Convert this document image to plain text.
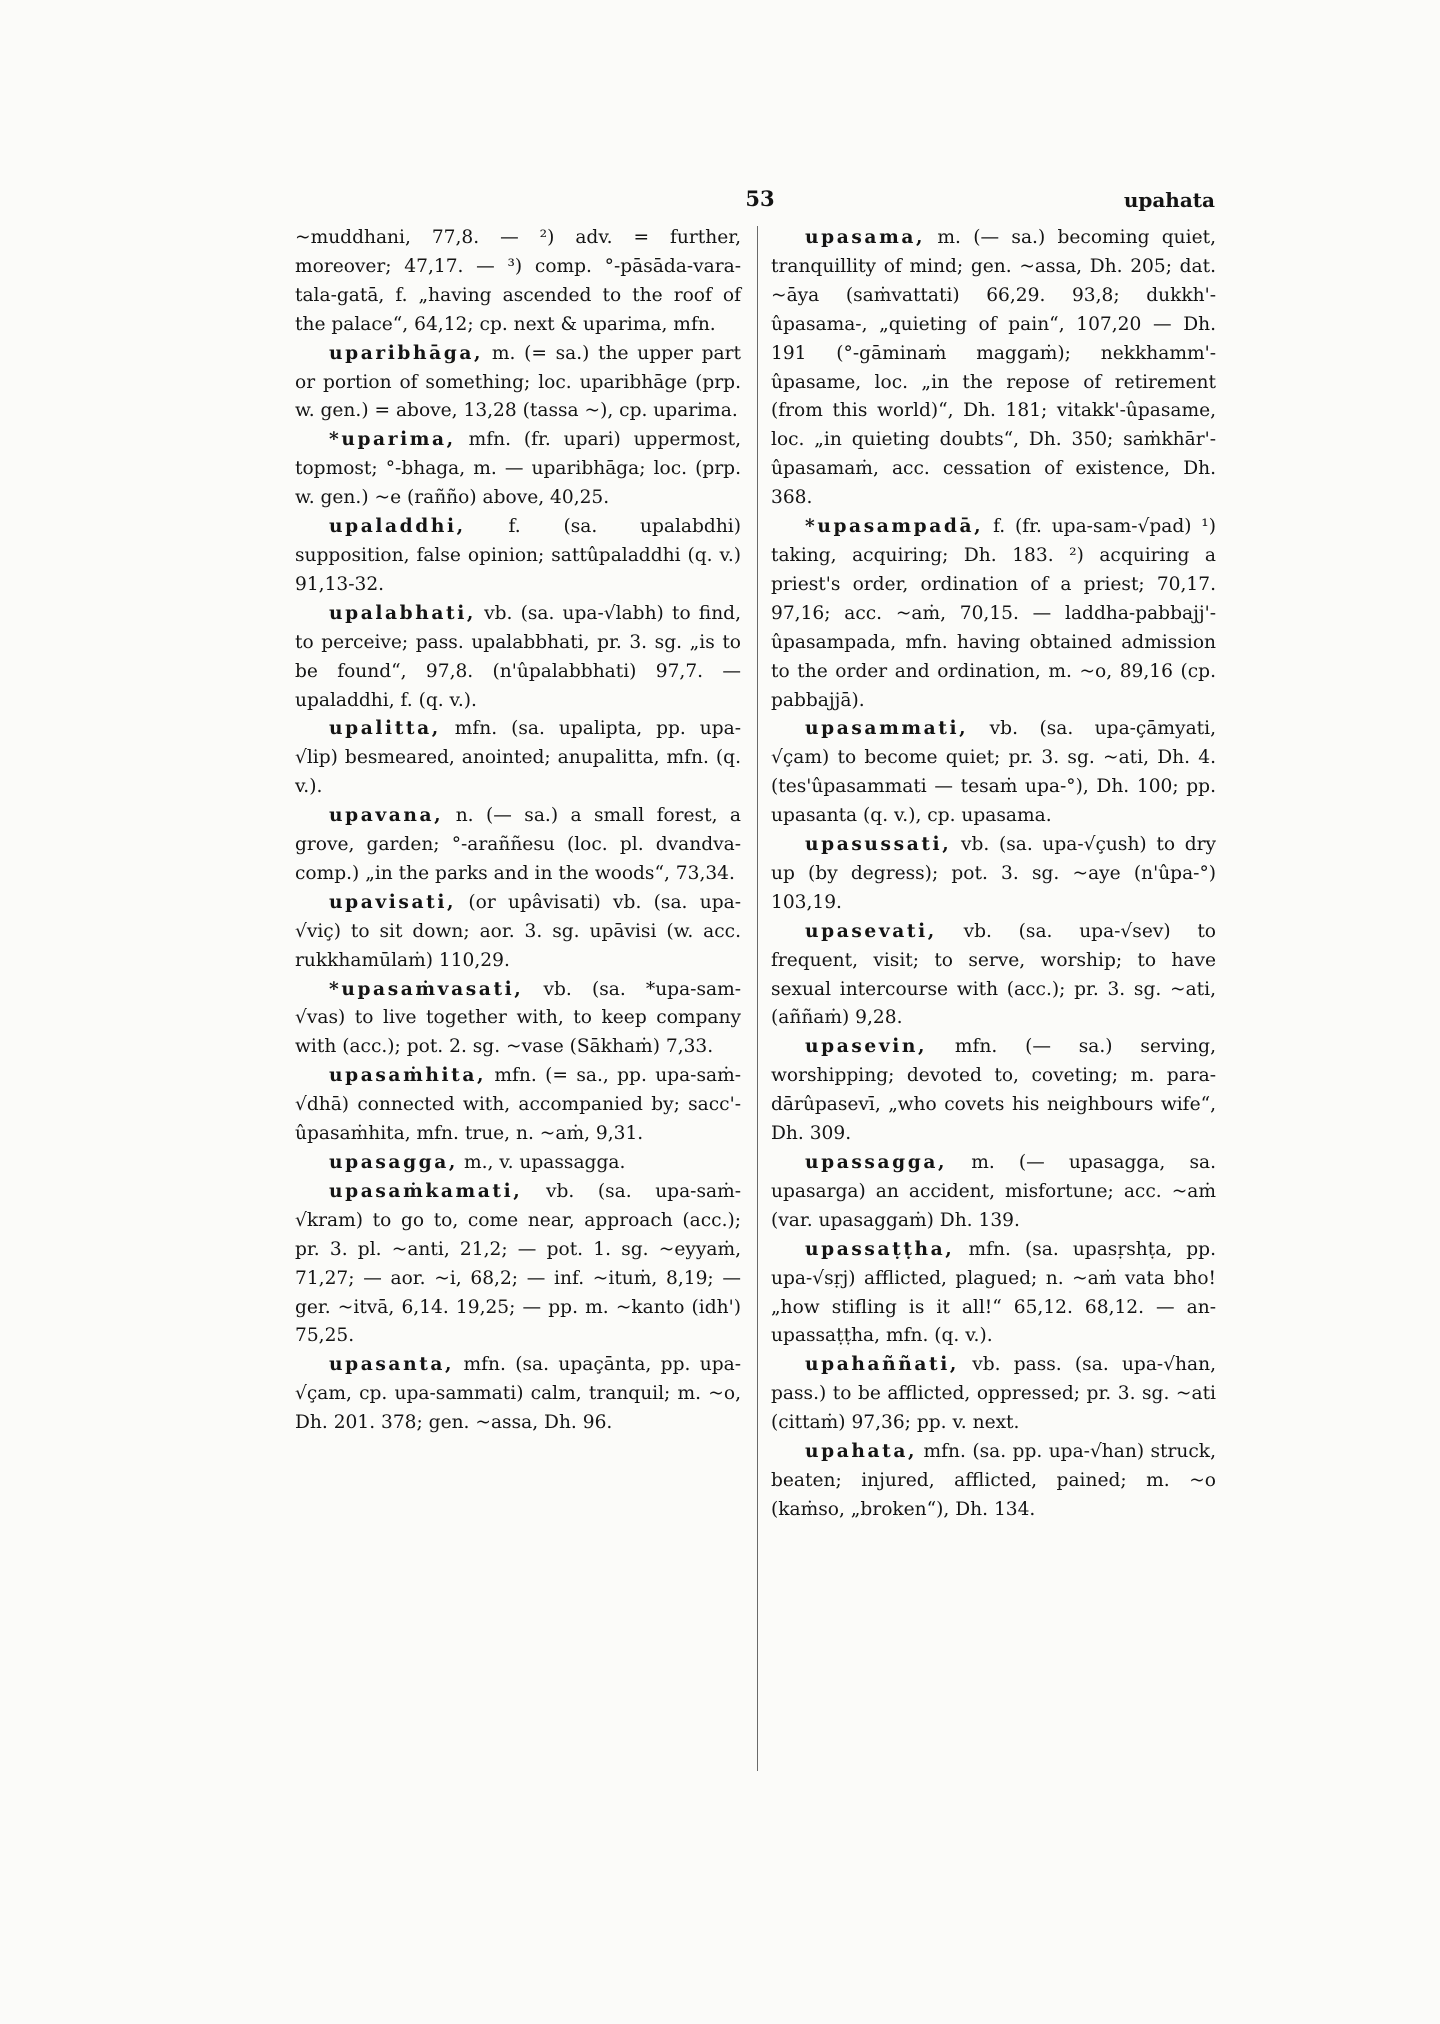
53	upahata
~muddhani, 77,8. — ²) adv. = further, moreover; 47,17. — ³) comp. °-pāsāda-vara-tala-gatā, f. „having ascended to the roof of the palace“, 64,12; cp. next & uparima, mfn.
uparibhāga, m. (= sa.) the upper part or portion of something; loc. uparibhāge (prp. w. gen.) = above, 13,28 (tassa ~), cp. uparima.
*uparima, mfn. (fr. upari) uppermost, topmost; °-bhaga, m. — uparibhāga; loc. (prp. w. gen.) ~e (rañño) above, 40,25.
upaladdhi, f. (sa. upalabdhi) supposition, false opinion; sattûpaladdhi (q. v.) 91,13-32.
upalabhati, vb. (sa. upa-√labh) to find, to perceive; pass. upalabbhati, pr. 3. sg. „is to be found“, 97,8. (n'ûpalabbhati) 97,7. — upaladdhi, f. (q. v.).
upalitta, mfn. (sa. upalipta, pp. upa-√lip) besmeared, anointed; anupalitta, mfn. (q. v.).
upavana, n. (— sa.) a small forest, a grove, garden; °-araññesu (loc. pl. dvandva-comp.) „in the parks and in the woods“, 73,34.
upavisati, (or upâvisati) vb. (sa. upa-√viç) to sit down; aor. 3. sg. upāvisi (w. acc. rukkhamūlaṁ) 110,29.
*upasaṁvasati, vb. (sa. *upa-sam-√vas) to live together with, to keep company with (acc.); pot. 2. sg. ~vase (Sākhaṁ) 7,33.
upasaṁhita, mfn. (= sa., pp. upa-saṁ-√dhā) connected with, accompanied by; sacc'-ûpasaṁhita, mfn. true, n. ~aṁ, 9,31.
upasagga, m., v. upassagga.
upasaṁkamati, vb. (sa. upa-saṁ-√kram) to go to, come near, approach (acc.); pr. 3. pl. ~anti, 21,2; — pot. 1. sg. ~eyyaṁ, 71,27; — aor. ~i, 68,2; — inf. ~ituṁ, 8,19; — ger. ~itvā, 6,14. 19,25; — pp. m. ~kanto (idh') 75,25.
upasanta, mfn. (sa. upaçānta, pp. upa-√çam, cp. upa-sammati) calm, tranquil; m. ~o, Dh. 201. 378; gen. ~assa, Dh. 96.
upasama, m. (— sa.) becoming quiet, tranquillity of mind; gen. ~assa, Dh. 205; dat. ~āya (saṁvattati) 66,29. 93,8; dukkh'-ûpasama-, „quieting of pain“, 107,20 — Dh. 191 (°-gāminaṁ maggaṁ); nekkhamm'-ûpasame, loc. „in the repose of retirement (from this world)“, Dh. 181; vitakk'-ûpasame, loc. „in quieting doubts“, Dh. 350; saṁkhār'-ûpasamaṁ, acc. cessation of existence, Dh. 368.
*upasampadā, f. (fr. upa-sam-√pad) ¹) taking, acquiring; Dh. 183. ²) acquiring a priest's order, ordination of a priest; 70,17. 97,16; acc. ~aṁ, 70,15. — laddha-pabbajj'-ûpasampada, mfn. having obtained admission to the order and ordination, m. ~o, 89,16 (cp. pabbajjā).
upasammati, vb. (sa. upa-çāmyati, √çam) to become quiet; pr. 3. sg. ~ati, Dh. 4. (tes'ûpasammati — tesaṁ upa-°), Dh. 100; pp. upasanta (q. v.), cp. upasama.
upasussati, vb. (sa. upa-√çush) to dry up (by degress); pot. 3. sg. ~aye (n'ûpa-°) 103,19.
upasevati, vb. (sa. upa-√sev) to frequent, visit; to serve, worship; to have sexual intercourse with (acc.); pr. 3. sg. ~ati, (aññaṁ) 9,28.
upasevin, mfn. (— sa.) serving, worshipping; devoted to, coveting; m. para-dārûpasevī, „who covets his neighbours wife“, Dh. 309.
upassagga, m. (— upasagga, sa. upasarga) an accident, misfortune; acc. ~aṁ (var. upasaggaṁ) Dh. 139.
upassaṭṭha, mfn. (sa. upasṛshṭa, pp. upa-√sṛj) afflicted, plagued; n. ~aṁ vata bho! „how stifling is it all!“ 65,12. 68,12. — an-upassaṭṭha, mfn. (q. v.).
upahaññati, vb. pass. (sa. upa-√han, pass.) to be afflicted, oppressed; pr. 3. sg. ~ati (cittaṁ) 97,36; pp. v. next.
upahata, mfn. (sa. pp. upa-√han) struck, beaten; injured, afflicted, pained; m. ~o (kaṁso, „broken“), Dh. 134.
